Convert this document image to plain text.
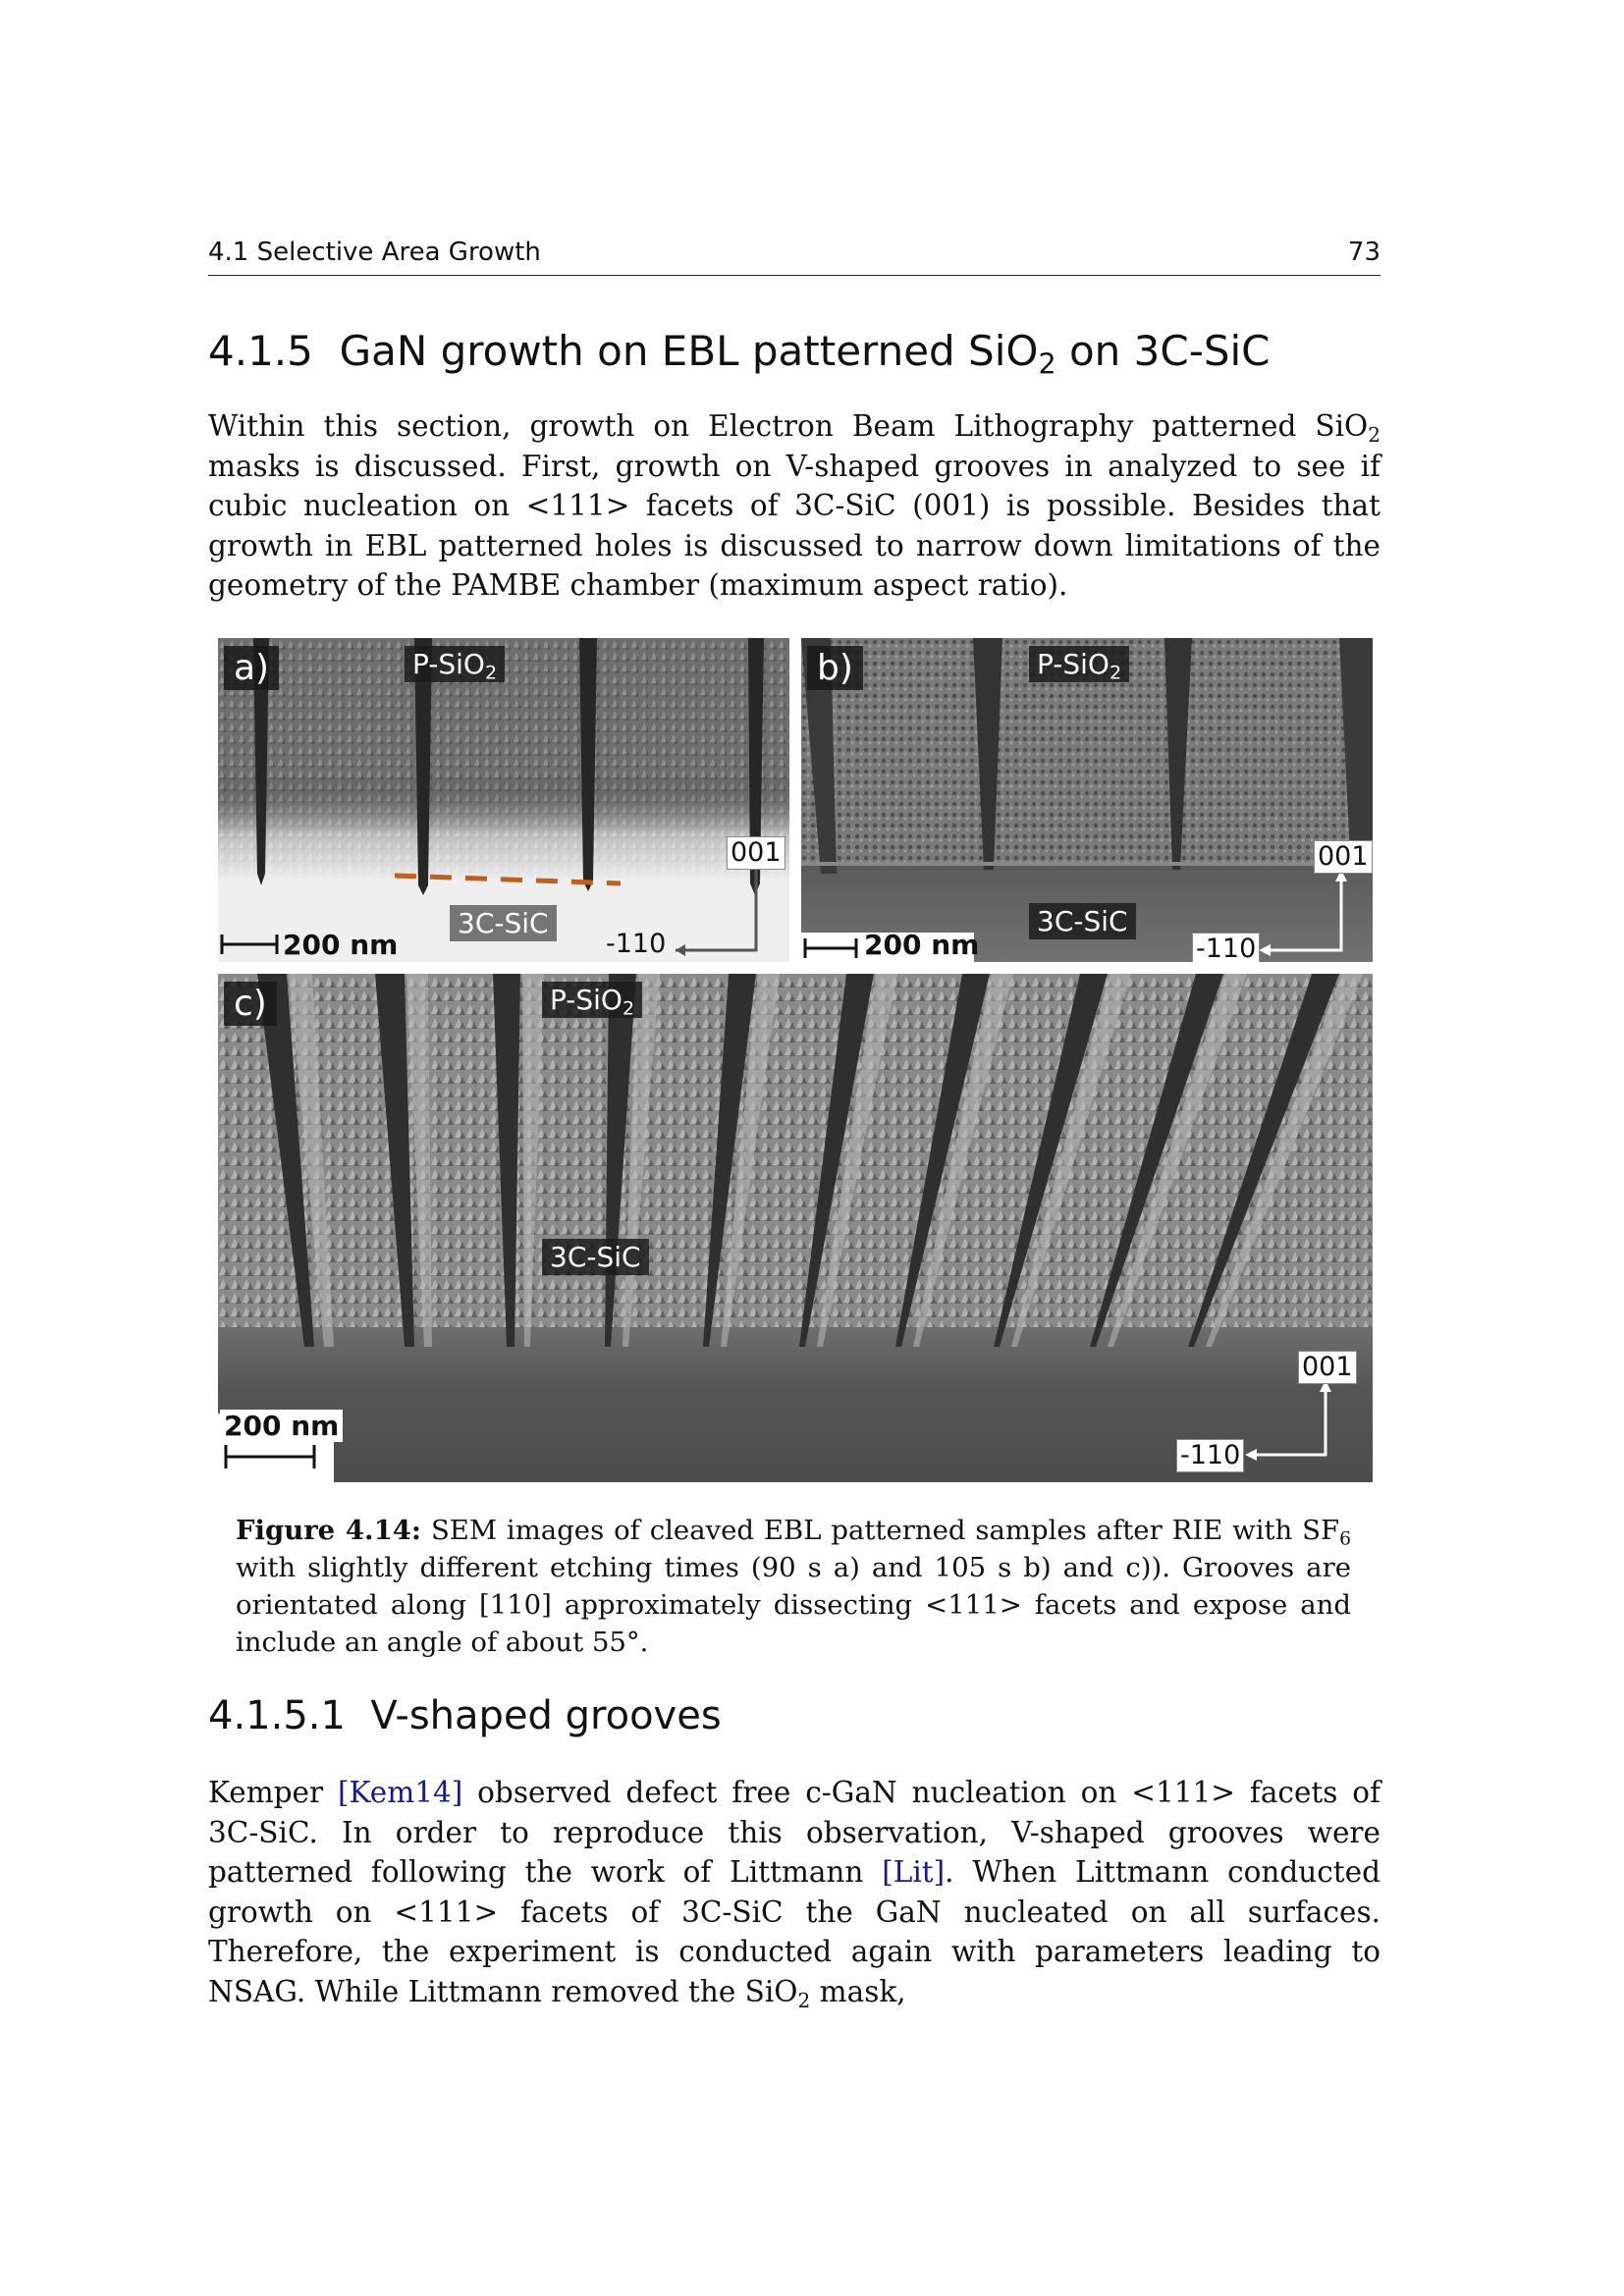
4.1 Selective Area Growth	73
4.1.5 GaN growth on EBL patterned SiO$_2$ on 3C-SiC

Within this section, growth on Electron Beam Lithography patterned SiO$_2$ masks is discussed. First, growth on V-shaped grooves in analyzed to see if cubic nucleation on <111> facets of 3C-SiC (001) is possible. Besides that growth in EBL patterned holes is discussed to narrow down limitations of the geometry of the PAMBE chamber (maximum aspect ratio).

a)	P-SiO$_2$
3C-SiC
001
-110
200 nm
b)	P-SiO$_2$
3C-SiC
001
-110
200 nm
c)	P-SiO$_2$
3C-SiC
001
-110
200 nm

Figure 4.14: SEM images of cleaved EBL patterned samples after RIE with $SF_6$ with slightly different etching times (90 s a) and 105 s b) and c)). Grooves are orientated along [110] approximately dissecting <111> facets and expose and include an angle of about 55°.

4.1.5.1 V-shaped grooves

Kemper [Kem14] observed defect free c-GaN nucleation on <111> facets of 3C-SiC. In order to reproduce this observation, V-shaped grooves were patterned following the work of Littmann [Lit]. When Littmann conducted growth on <111> facets of 3C-SiC the GaN nucleated on all surfaces. Therefore, the experiment is conducted again with parameters leading to NSAG. While Littmann removed the SiO$_2$ mask,
